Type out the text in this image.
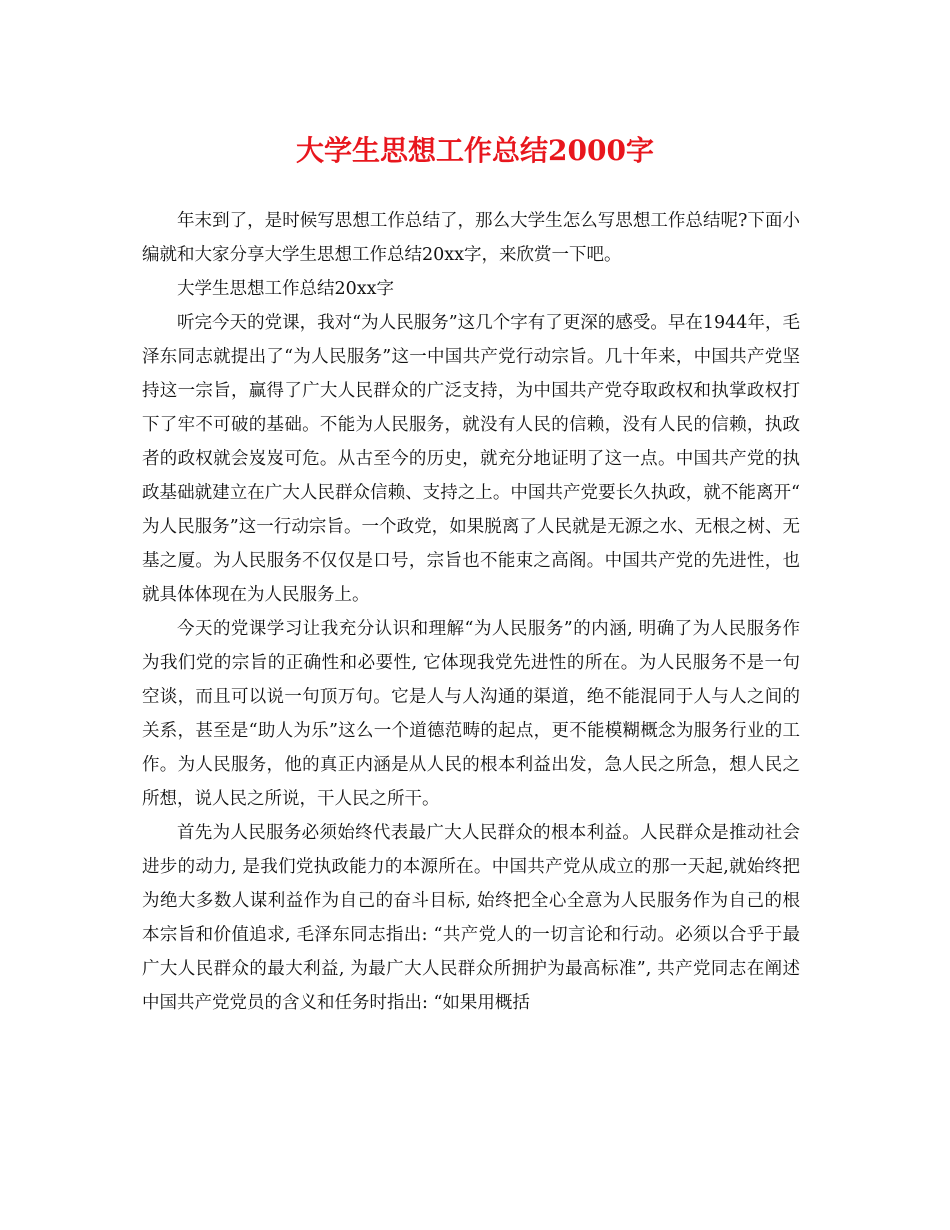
大学生思想工作总结2000字

年末到了，是时候写思想工作总结了，那么大学生怎么写思想工作总结呢?下面小编就和大家分享大学生思想工作总结20xx字，来欣赏一下吧。

大学生思想工作总结20xx字

听完今天的党课，我对“为人民服务”这几个字有了更深的感受。早在1944年，毛泽东同志就提出了“为人民服务”这一中国共产党行动宗旨。几十年来，中国共产党坚持这一宗旨，赢得了广大人民群众的广泛支持，为中国共产党夺取政权和执掌政权打下了牢不可破的基础。不能为人民服务，就没有人民的信赖，没有人民的信赖，执政者的政权就会岌岌可危。从古至今的历史，就充分地证明了这一点。中国共产党的执政基础就建立在广大人民群众信赖、支持之上。中国共产党要长久执政，就不能离开“ 为人民服务”这一行动宗旨。一个政党，如果脱离了人民就是无源之水、无根之树、无基之厦。为人民服务不仅仅是口号，宗旨也不能束之高阁。中国共产党的先进性，也就具体体现在为人民服务上。

今天的党课学习让我充分认识和理解“为人民服务”的内涵, 明确了为人民服务作为我们党的宗旨的正确性和必要性, 它体现我党先进性的所在。为人民服务不是一句空谈，而且可以说一句顶万句。它是人与人沟通的渠道，绝不能混同于人与人之间的关系，甚至是“助人为乐”这么一个道德范畴的起点，更不能模糊概念为服务行业的工作。为人民服务，他的真正内涵是从人民的根本利益出发，急人民之所急，想人民之所想，说人民之所说，干人民之所干。

首先为人民服务必须始终代表最广大人民群众的根本利益。人民群众是推动社会进步的动力, 是我们党执政能力的本源所在。中国共产党从成立的那一天起,就始终把为绝大多数人谋利益作为自己的奋斗目标, 始终把全心全意为人民服务作为自己的根本宗旨和价值追求, 毛泽东同志指出: “共产党人的一切言论和行动。必须以合乎于最广大人民群众的最大利益, 为最广大人民群众所拥护为最高标准”, 共产党同志在阐述中国共产党党员的含义和任务时指出: “如果用概括
